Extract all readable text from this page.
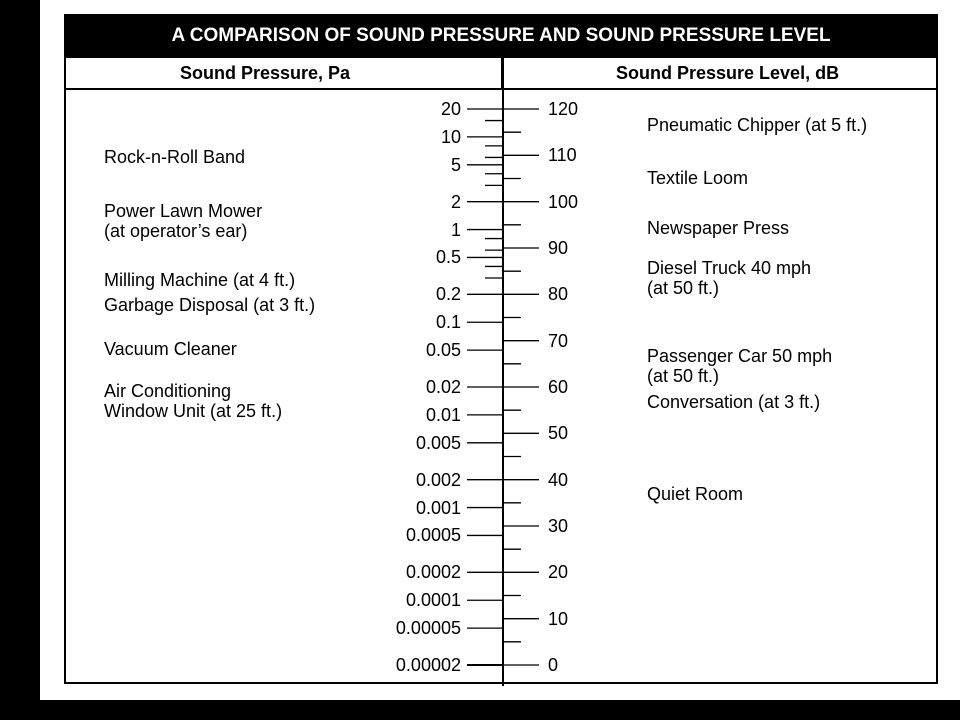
A COMPARISON OF SOUND PRESSURE AND SOUND PRESSURE LEVEL
Sound Pressure, Pa	Sound Pressure Level, dB
20
10
5
2
1
0.5
0.2
0.1
0.05
0.02
0.01
0.005
0.002
0.001
0.0005
0.0002
0.0001
0.00005
0.00002
120
110
100
90
80
70
60
50
40
30
20
10
0
Rock-n-Roll Band
Power Lawn Mower
(at operator’s ear)
Milling Machine (at 4 ft.)
Garbage Disposal (at 3 ft.)
Vacuum Cleaner
Air Conditioning
Window Unit (at 25 ft.)
Pneumatic Chipper (at 5 ft.)
Textile Loom
Newspaper Press
Diesel Truck 40 mph
(at 50 ft.)
Passenger Car 50 mph
(at 50 ft.)
Conversation (at 3 ft.)
Quiet Room
